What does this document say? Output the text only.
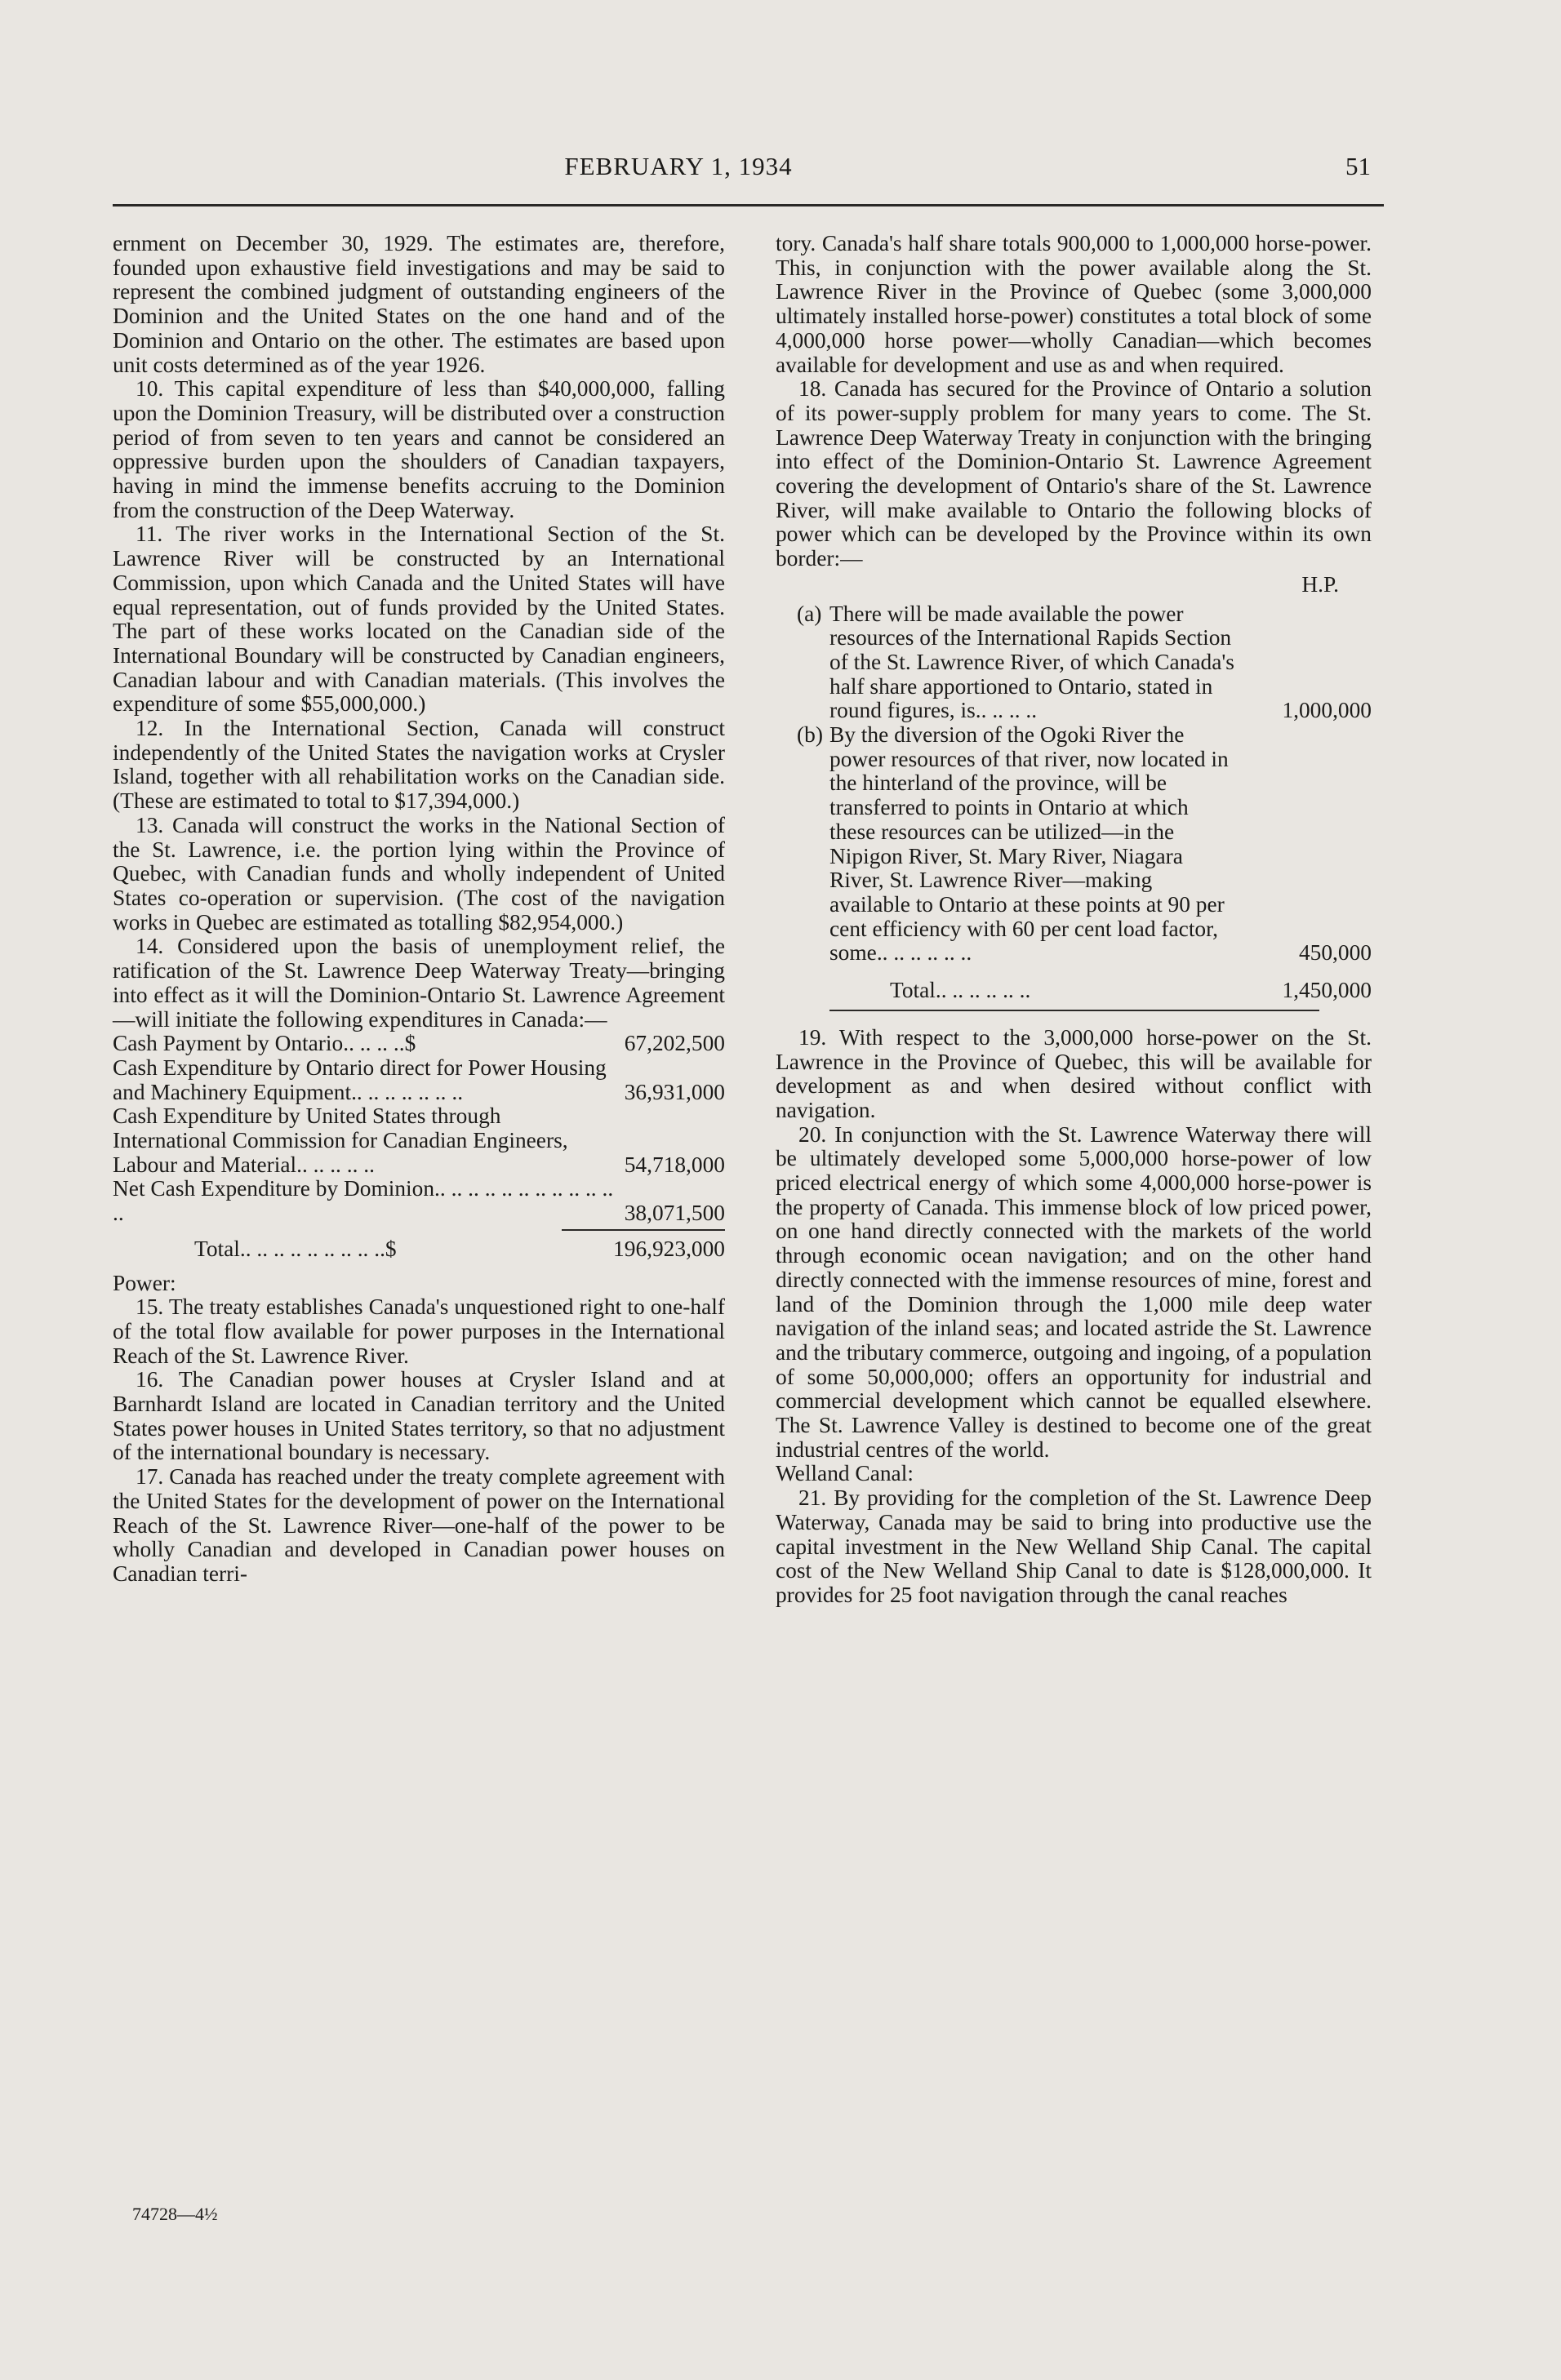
FEBRUARY 1, 1934	51

ernment on December 30, 1929. The estimates are, therefore, founded upon exhaustive field investigations and may be said to represent the combined judgment of outstanding engineers of the Dominion and the United States on the one hand and of the Dominion and Ontario on the other. The estimates are based upon unit costs determined as of the year 1926.

10. This capital expenditure of less than $40,000,000, falling upon the Dominion Treasury, will be distributed over a construction period of from seven to ten years and cannot be considered an oppressive burden upon the shoulders of Canadian taxpayers, having in mind the immense benefits accruing to the Dominion from the construction of the Deep Waterway.

11. The river works in the International Section of the St. Lawrence River will be constructed by an International Commission, upon which Canada and the United States will have equal representation, out of funds provided by the United States. The part of these works located on the Canadian side of the International Boundary will be constructed by Canadian engineers, Canadian labour and with Canadian materials. (This involves the expenditure of some $55,000,000.)

12. In the International Section, Canada will construct independently of the United States the navigation works at Crysler Island, together with all rehabilitation works on the Canadian side. (These are estimated to total to $17,394,000.)

13. Canada will construct the works in the National Section of the St. Lawrence, i.e. the portion lying within the Province of Quebec, with Canadian funds and wholly independent of United States co-operation or supervision. (The cost of the navigation works in Quebec are estimated as totalling $82,954,000.)

14. Considered upon the basis of unemployment relief, the ratification of the St. Lawrence Deep Waterway Treaty—bringing into effect as it will the Dominion-Ontario St. Lawrence Agreement—will initiate the following expenditures in Canada:—

Cash Payment by Ontario.. .. .. ..$	67,202,500
Cash Expenditure by Ontario direct for Power Housing and Machinery Equipment.. .. .. .. .. .. ..	36,931,000
Cash Expenditure by United States through International Commission for Canadian Engineers, Labour and Material.. .. .. .. ..	54,718,000
Net Cash Expenditure by Dominion.. .. .. .. .. .. .. .. .. .. .. ..	38,071,500
Total.. .. .. .. .. .. .. .. ..$	196,923,000

Power:

15. The treaty establishes Canada's unquestioned right to one-half of the total flow available for power purposes in the International Reach of the St. Lawrence River.

16. The Canadian power houses at Crysler Island and at Barnhardt Island are located in Canadian territory and the United States power houses in United States territory, so that no adjustment of the international boundary is necessary.

17. Canada has reached under the treaty complete agreement with the United States for the development of power on the International Reach of the St. Lawrence River—one-half of the power to be wholly Canadian and developed in Canadian power houses on Canadian terri-

tory. Canada's half share totals 900,000 to 1,000,000 horse-power. This, in conjunction with the power available along the St. Lawrence River in the Province of Quebec (some 3,000,000 ultimately installed horse-power) constitutes a total block of some 4,000,000 horse power—wholly Canadian—which becomes available for development and use as and when required.

18. Canada has secured for the Province of Ontario a solution of its power-supply problem for many years to come. The St. Lawrence Deep Waterway Treaty in conjunction with the bringing into effect of the Dominion-Ontario St. Lawrence Agreement covering the development of Ontario's share of the St. Lawrence River, will make available to Ontario the following blocks of power which can be developed by the Province within its own border:—

H.P.
(a) There will be made available the power resources of the International Rapids Section of the St. Lawrence River, of which Canada's half share apportioned to Ontario, stated in round figures, is.. .. .. ..	1,000,000
(b) By the diversion of the Ogoki River the power resources of that river, now located in the hinterland of the province, will be transferred to points in Ontario at which these resources can be utilized—in the Nipigon River, St. Mary River, Niagara River, St. Lawrence River—making available to Ontario at these points at 90 per cent efficiency with 60 per cent load factor, some.. .. .. .. .. ..	450,000
Total.. .. .. .. .. ..	1,450,000

19. With respect to the 3,000,000 horse-power on the St. Lawrence in the Province of Quebec, this will be available for development as and when desired without conflict with navigation.

20. In conjunction with the St. Lawrence Waterway there will be ultimately developed some 5,000,000 horse-power of low priced electrical energy of which some 4,000,000 horse-power is the property of Canada. This immense block of low priced power, on one hand directly connected with the markets of the world through economic ocean navigation; and on the other hand directly connected with the immense resources of mine, forest and land of the Dominion through the 1,000 mile deep water navigation of the inland seas; and located astride the St. Lawrence and the tributary commerce, outgoing and ingoing, of a population of some 50,000,000; offers an opportunity for industrial and commercial development which cannot be equalled elsewhere. The St. Lawrence Valley is destined to become one of the great industrial centres of the world.

Welland Canal:

21. By providing for the completion of the St. Lawrence Deep Waterway, Canada may be said to bring into productive use the capital investment in the New Welland Ship Canal. The capital cost of the New Welland Ship Canal to date is $128,000,000. It provides for 25 foot navigation through the canal reaches

74728—4½
